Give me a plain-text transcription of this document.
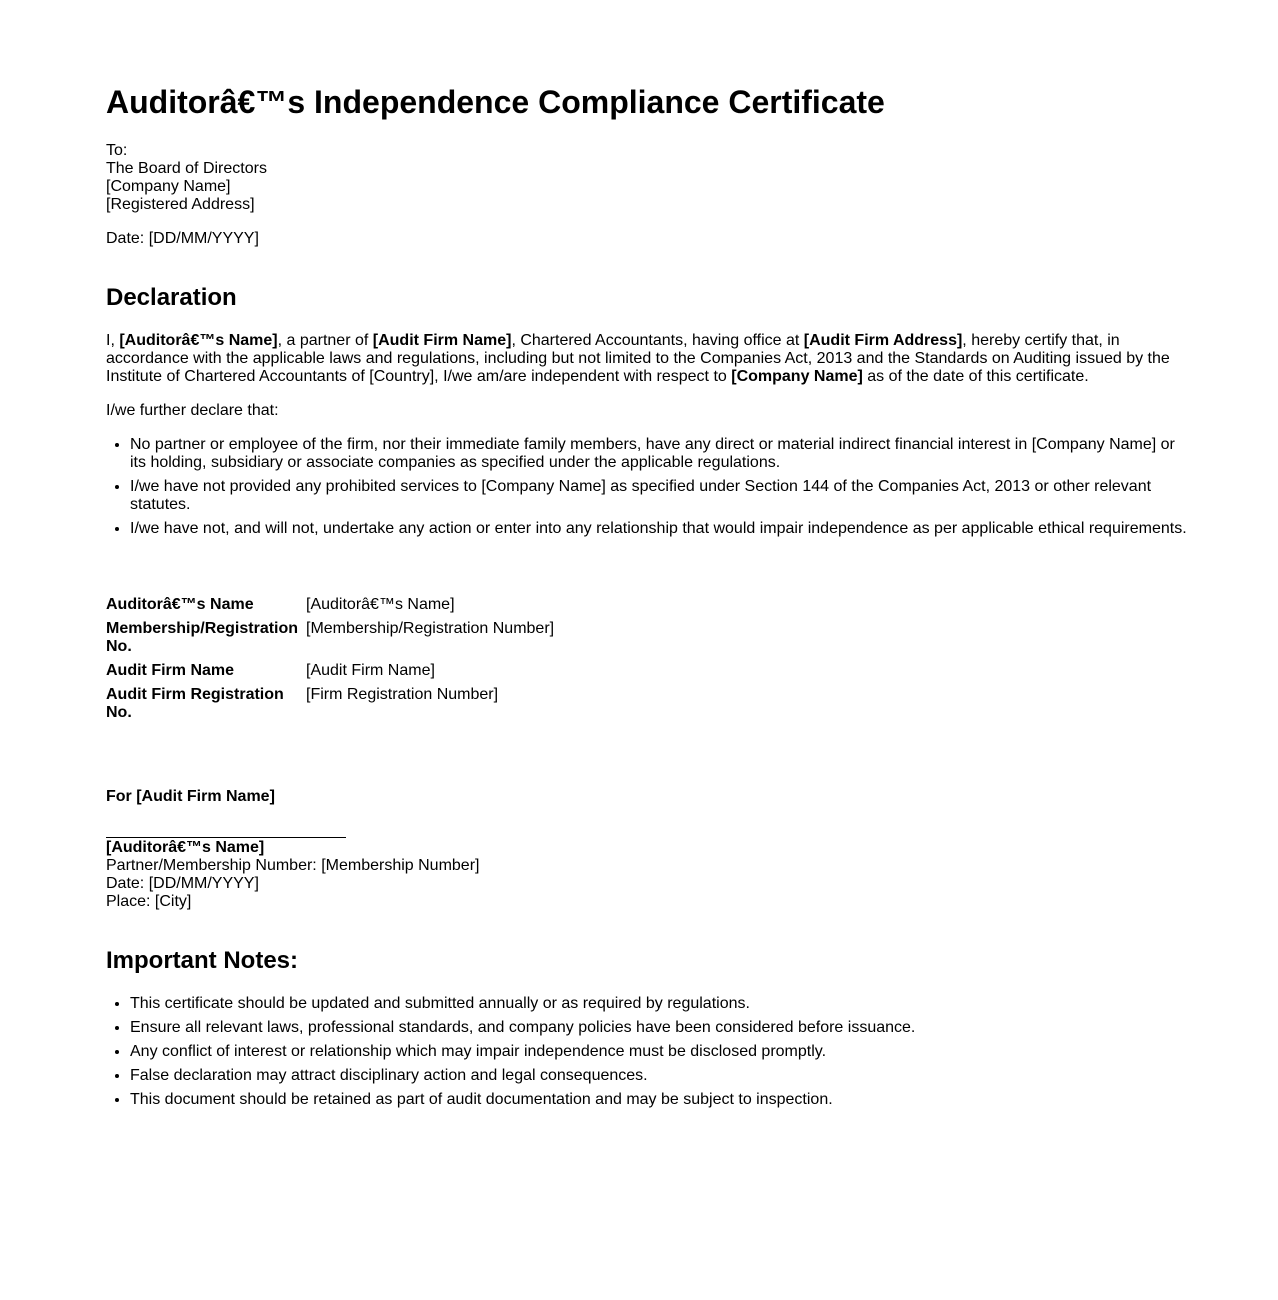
Auditorâ€™s Independence Compliance Certificate
To:
The Board of Directors
[Company Name]
[Registered Address]
Date: [DD/MM/YYYY]
Declaration
I, [Auditorâ€™s Name], a partner of [Audit Firm Name], Chartered Accountants, having office at [Audit Firm Address], hereby certify that, in accordance with the applicable laws and regulations, including but not limited to the Companies Act, 2013 and the Standards on Auditing issued by the Institute of Chartered Accountants of [Country], I/we am/are independent with respect to [Company Name] as of the date of this certificate.
I/we further declare that:
• No partner or employee of the firm, nor their immediate family members, have any direct or material indirect financial interest in [Company Name] or its holding, subsidiary or associate companies as specified under the applicable regulations.
• I/we have not provided any prohibited services to [Company Name] as specified under Section 144 of the Companies Act, 2013 or other relevant statutes.
• I/we have not, and will not, undertake any action or enter into any relationship that would impair independence as per applicable ethical requirements.
Auditorâ€™s Name	[Auditorâ€™s Name]
Membership/Registration No.	[Membership/Registration Number]
Audit Firm Name	[Audit Firm Name]
Audit Firm Registration No.	[Firm Registration Number]
For [Audit Firm Name]
[Auditorâ€™s Name]
Partner/Membership Number: [Membership Number]
Date: [DD/MM/YYYY]
Place: [City]
Important Notes:
• This certificate should be updated and submitted annually or as required by regulations.
• Ensure all relevant laws, professional standards, and company policies have been considered before issuance.
• Any conflict of interest or relationship which may impair independence must be disclosed promptly.
• False declaration may attract disciplinary action and legal consequences.
• This document should be retained as part of audit documentation and may be subject to inspection.
